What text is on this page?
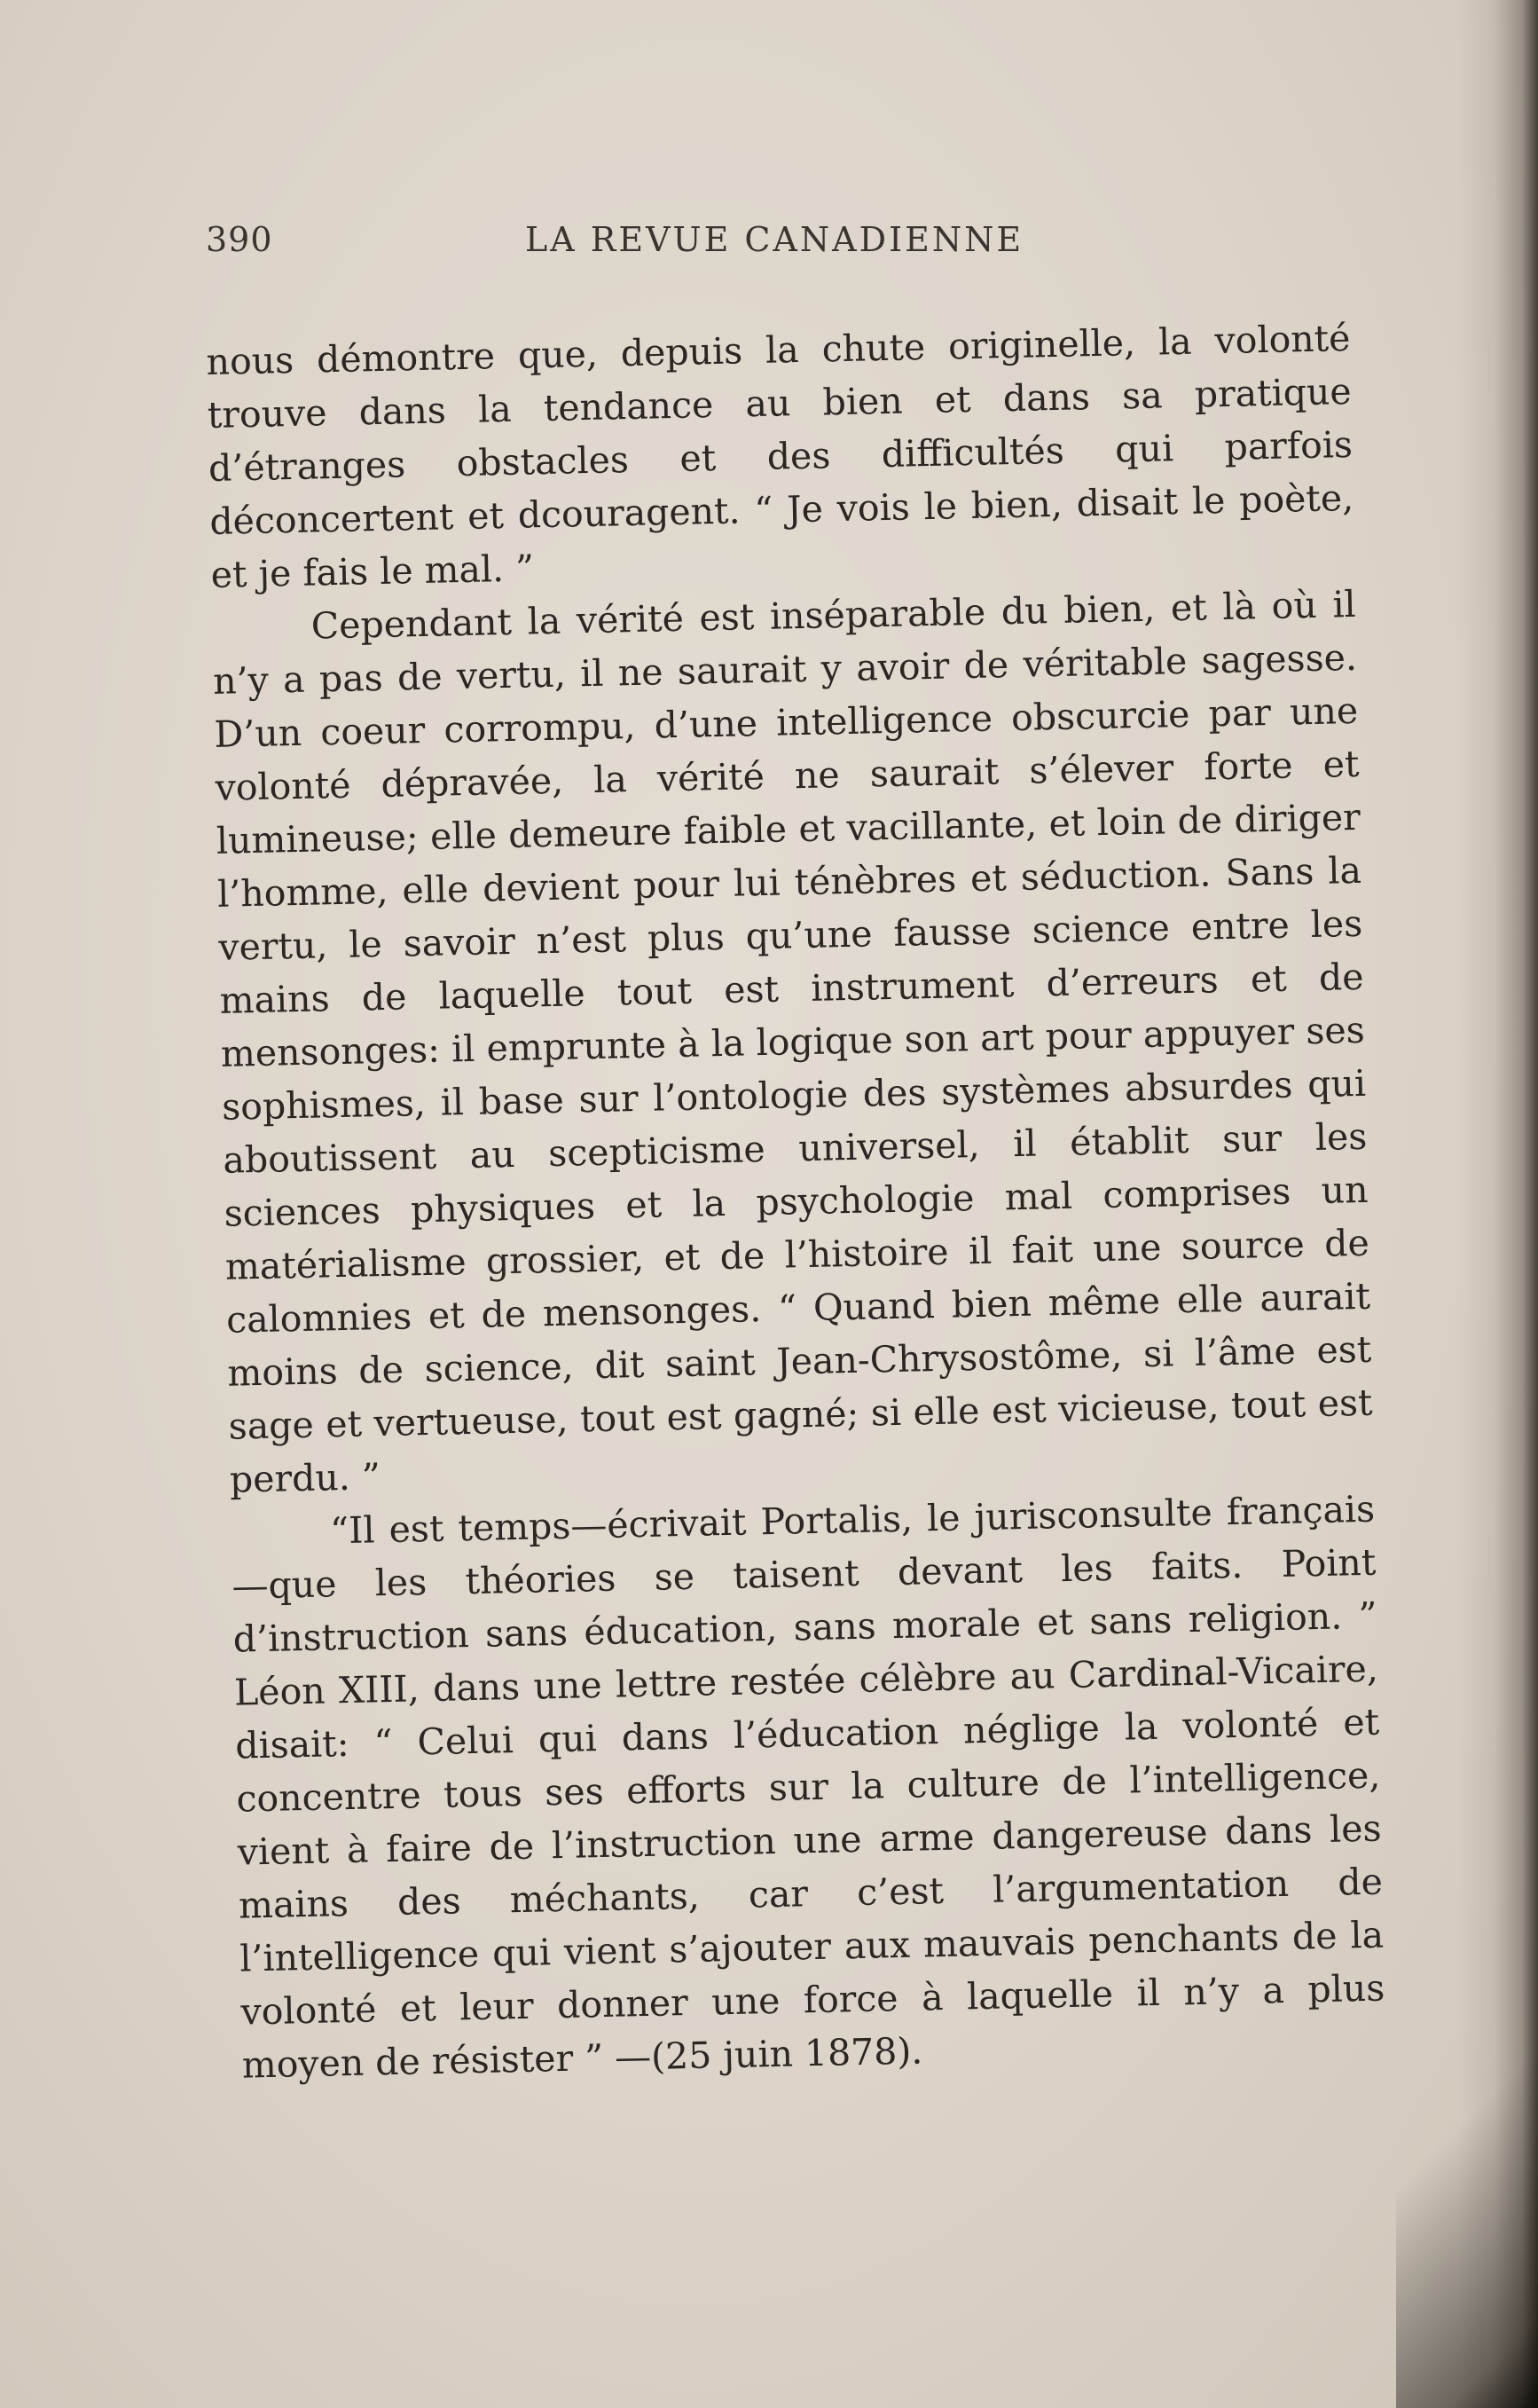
390	LA REVUE CANADIENNE

nous démontre que, depuis la chute originelle, la volonté trouve dans la tendance au bien et dans sa pratique d’étranges obstacles et des difficultés qui parfois déconcertent et dcouragent. “ Je vois le bien, disait le poète, et je fais le mal. ”

Cependant la vérité est inséparable du bien, et là où il n’y a pas de vertu, il ne saurait y avoir de véritable sagesse. D’un coeur corrompu, d’une intelligence obscurcie par une volonté dépravée, la vérité ne saurait s’élever forte et lumineuse; elle demeure faible et vacillante, et loin de diriger l’homme, elle devient pour lui ténèbres et séduction. Sans la vertu, le savoir n’est plus qu’une fausse science entre les mains de laquelle tout est instrument d’erreurs et de mensonges: il emprunte à la logique son art pour appuyer ses sophismes, il base sur l’ontologie des systèmes absurdes qui aboutissent au scepticisme universel, il établit sur les sciences physiques et la psychologie mal comprises un matérialisme grossier, et de l’histoire il fait une source de calomnies et de mensonges. “ Quand bien même elle aurait moins de science, dit saint Jean-Chrysostôme, si l’âme est sage et vertueuse, tout est gagné; si elle est vicieuse, tout est perdu. ”

“Il est temps—écrivait Portalis, le jurisconsulte français —que les théories se taisent devant les faits. Point d’instruction sans éducation, sans morale et sans religion. ” Léon XIII, dans une lettre restée célèbre au Cardinal-Vicaire, disait: “ Celui qui dans l’éducation néglige la volonté et concentre tous ses efforts sur la culture de l’intelligence, vient à faire de l’instruction une arme dangereuse dans les mains des méchants, car c’est l’argumentation de l’intelligence qui vient s’ajouter aux mauvais penchants de la volonté et leur donner une force à laquelle il n’y a plus moyen de résister ” —(25 juin 1878).
